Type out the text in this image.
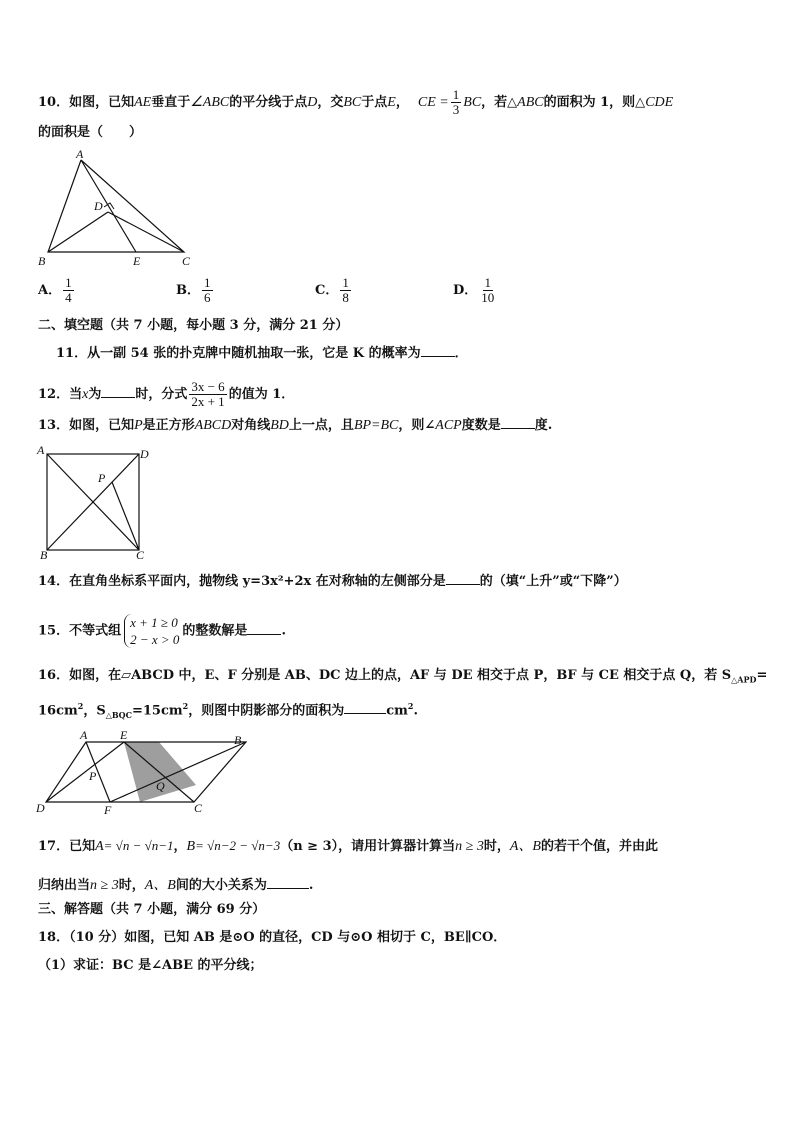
10．如图，已知AE垂直于∠ABC的平分线于点D，交BC于点E， CE = $\frac{1}{3}$ BC，若△ABC的面积为 1，则△CDE
的面积是（　　）
A
D
B	E	C
A． $\frac{1}{4}$	B． $\frac{1}{6}$	C． $\frac{1}{8}$	D． $\frac{1}{10}$
二、填空题（共 7 小题，每小题 3 分，满分 21 分）
11．从一副 54 张的扑克牌中随机抽取一张，它是 K 的概率为	．
12．当x为	时，分式 $\frac{3x - 6}{2x + 1}$ 的值为 1．
13．如图，已知P是正方形ABCD对角线BD上一点，且BP=BC，则∠ACP度数是	度.
A	D
P
B	C
14．在直角坐标系平面内，抛物线 y=3x²+2x 在对称轴的左侧部分是	的（填“上升”或“下降”）
15．不等式组
x + 1 ≥ 0
2 − x > 0
的整数解是	.
16．如图，在▱ABCD 中，E、F 分别是 AB、DC 边上的点，AF 与 DE 相交于点 P，BF 与 CE 相交于点 Q，若 $S_{\triangle APD}=$
$16cm^2$，$S_{\triangle BQC}=15cm^2$，则图中阴影部分的面积为	$cm^2$.
A	E	B
P
Q
D	F	C
17．已知A= √n − √n−1，B= √n−2 − √n−3（n ≥ 3），请用计算器计算当n ≥ 3时，A、B的若干个值，并由此
归纳出当n ≥ 3时，A、B间的大小关系为	.
三、解答题（共 7 小题，满分 69 分）
18．（10 分）如图，已知 AB 是⊙O 的直径，CD 与⊙O 相切于 C，BE∥CO．
（1）求证：BC 是∠ABE 的平分线；
